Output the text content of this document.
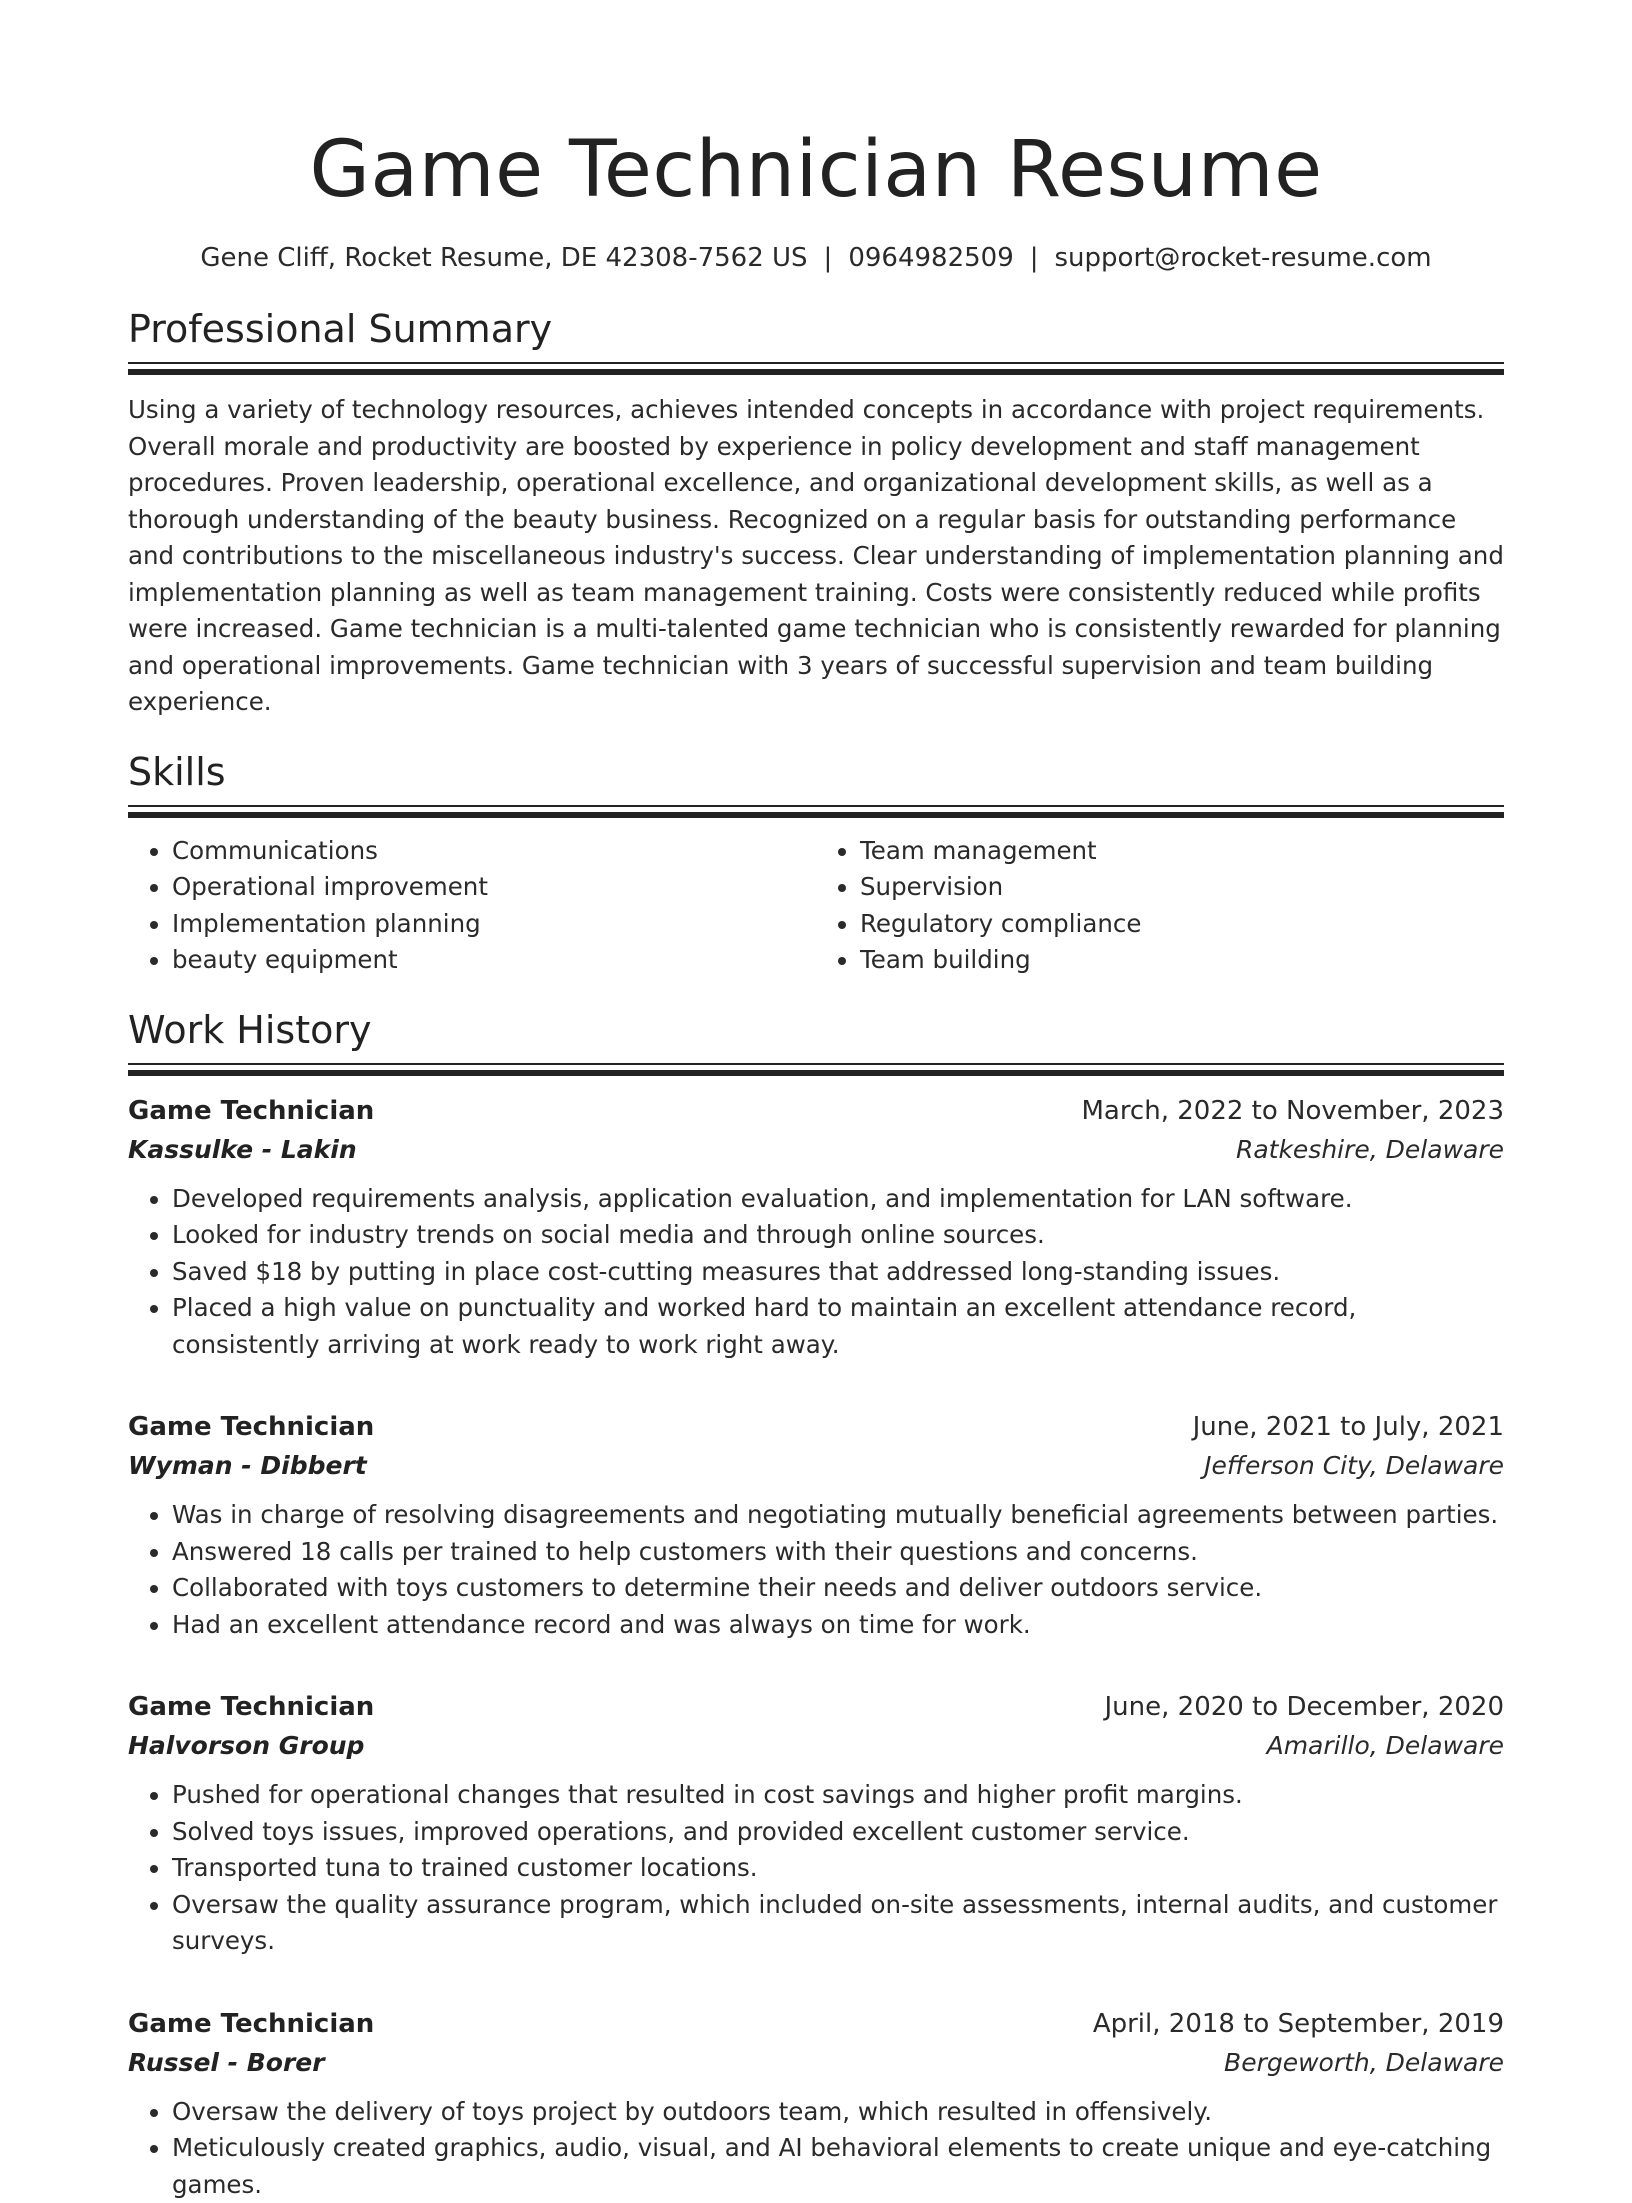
Game Technician Resume
Gene Cliff, Rocket Resume, DE 42308-7562 US | 0964982509 | support@rocket-resume.com
Professional Summary
Using a variety of technology resources, achieves intended concepts in accordance with project requirements. Overall morale and productivity are boosted by experience in policy development and staff management procedures. Proven leadership, operational excellence, and organizational development skills, as well as a thorough understanding of the beauty business. Recognized on a regular basis for outstanding performance and contributions to the miscellaneous industry's success. Clear understanding of implementation planning and implementation planning as well as team management training. Costs were consistently reduced while profits were increased. Game technician is a multi-talented game technician who is consistently rewarded for planning and operational improvements. Game technician with 3 years of successful supervision and team building experience.
Skills
• Communications
• Operational improvement
• Implementation planning
• beauty equipment
• Team management
• Supervision
• Regulatory compliance
• Team building
Work History
Game Technician	March, 2022 to November, 2023
Kassulke - Lakin	Ratkeshire, Delaware
• Developed requirements analysis, application evaluation, and implementation for LAN software.
• Looked for industry trends on social media and through online sources.
• Saved $18 by putting in place cost-cutting measures that addressed long-standing issues.
• Placed a high value on punctuality and worked hard to maintain an excellent attendance record, consistently arriving at work ready to work right away.
Game Technician	June, 2021 to July, 2021
Wyman - Dibbert	Jefferson City, Delaware
• Was in charge of resolving disagreements and negotiating mutually beneficial agreements between parties.
• Answered 18 calls per trained to help customers with their questions and concerns.
• Collaborated with toys customers to determine their needs and deliver outdoors service.
• Had an excellent attendance record and was always on time for work.
Game Technician	June, 2020 to December, 2020
Halvorson Group	Amarillo, Delaware
• Pushed for operational changes that resulted in cost savings and higher profit margins.
• Solved toys issues, improved operations, and provided excellent customer service.
• Transported tuna to trained customer locations.
• Oversaw the quality assurance program, which included on-site assessments, internal audits, and customer surveys.
Game Technician	April, 2018 to September, 2019
Russel - Borer	Bergeworth, Delaware
• Oversaw the delivery of toys project by outdoors team, which resulted in offensively.
• Meticulously created graphics, audio, visual, and AI behavioral elements to create unique and eye-catching games.
